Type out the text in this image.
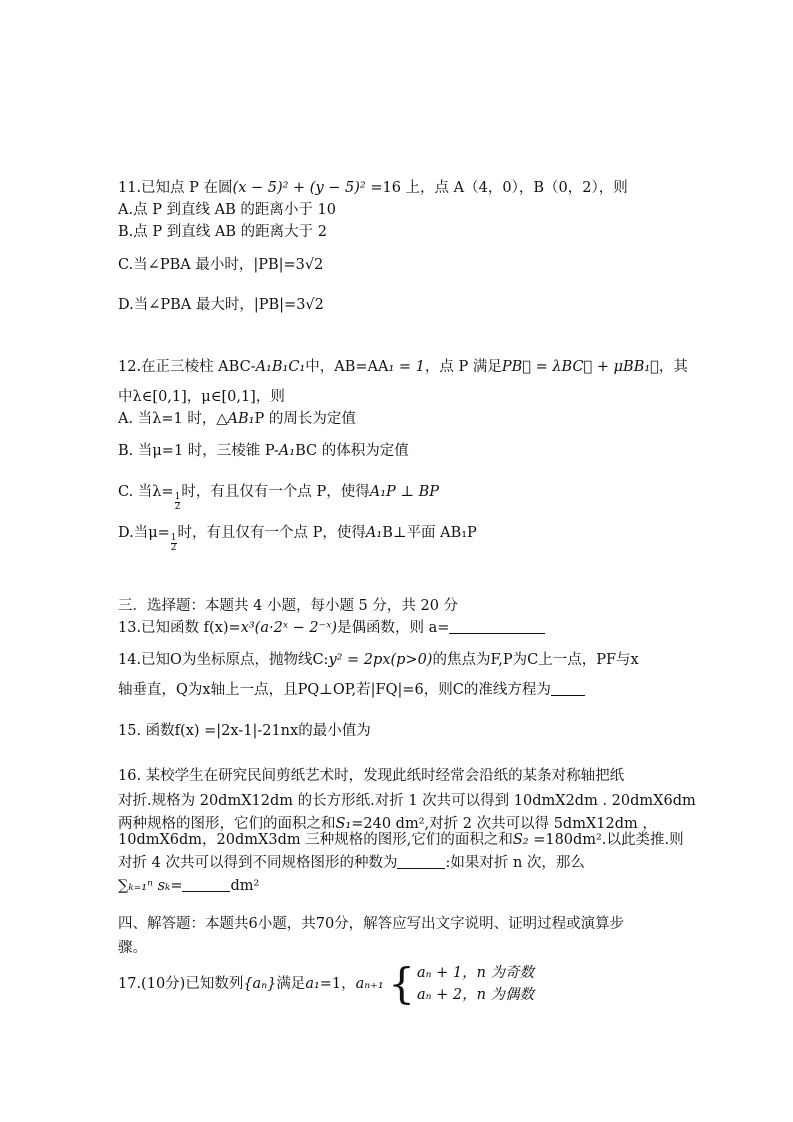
11.已知点 P 在圆(x − 5)² + (y − 5)² =16 上，点 A（4，0），B（0，2），则
A.点 P 到直线 AB 的距离小于 10
B.点 P 到直线 AB 的距离大于 2
C.当∠PBA 最小时，|PB|=3√2
D.当∠PBA 最大时，|PB|=3√2
12.在正三棱柱 ABC-A₁B₁C₁中，AB=AA₁ = 1，点 P 满足PB⃗ = λBC⃗ + μBB₁⃗，其
中λ∈[0,1]，μ∈[0,1]，则
A. 当λ=1 时，△AB₁P 的周长为定值
B. 当μ=1 时，三棱锥 P-A₁BC 的体积为定值
C. 当λ=
$\frac{1}{2}$
时，有且仅有一个点 P，使得A₁P ⊥ BP
D.当μ=
$\frac{1}{2}$
时，有且仅有一个点 P，使得A₁B⊥平面 AB₁P
三．选择题：本题共 4 小题，每小题 5 分，共 20 分
13.已知函数 f(x)=x³(a·2ˣ − 2⁻ˣ)是偶函数，则 a=
14.已知O为坐标原点，抛物线C:y² = 2px(p>0)的焦点为F,P为C上一点，PF与x
轴垂直，Q为x轴上一点，且PQ⊥OP,若|FQ|=6，则C的准线方程为
15. 函数f(x) =|2x-1|-21nx的最小值为
16. 某校学生在研究民间剪纸艺术时，发现此纸时经常会沿纸的某条对称轴把纸
对折.规格为 20dmX12dm 的长方形纸.对折 1 次共可以得到 10dmX2dm . 20dmX6dm
两种规格的图形，它们的面积之和S₁=240 dm²,对折 2 次共可以得 5dmX12dm ，
10dmX6dm，20dmX3dm 三种规格的图形,它们的面积之和S₂ =180dm².以此类推.则
对折 4 次共可以得到不同规格图形的种数为	:如果对折 n 次，那么
∑ₖ₌₁ⁿ sₖ=	dm²
四、解答题：本题共6小题，共70分，解答应写出文字说明、证明过程或演算步
骤。
17.(10分)已知数列{aₙ}满足a₁=1，aₙ₊₁ { aₙ + 1，n 为奇数
aₙ + 2，n 为偶数
